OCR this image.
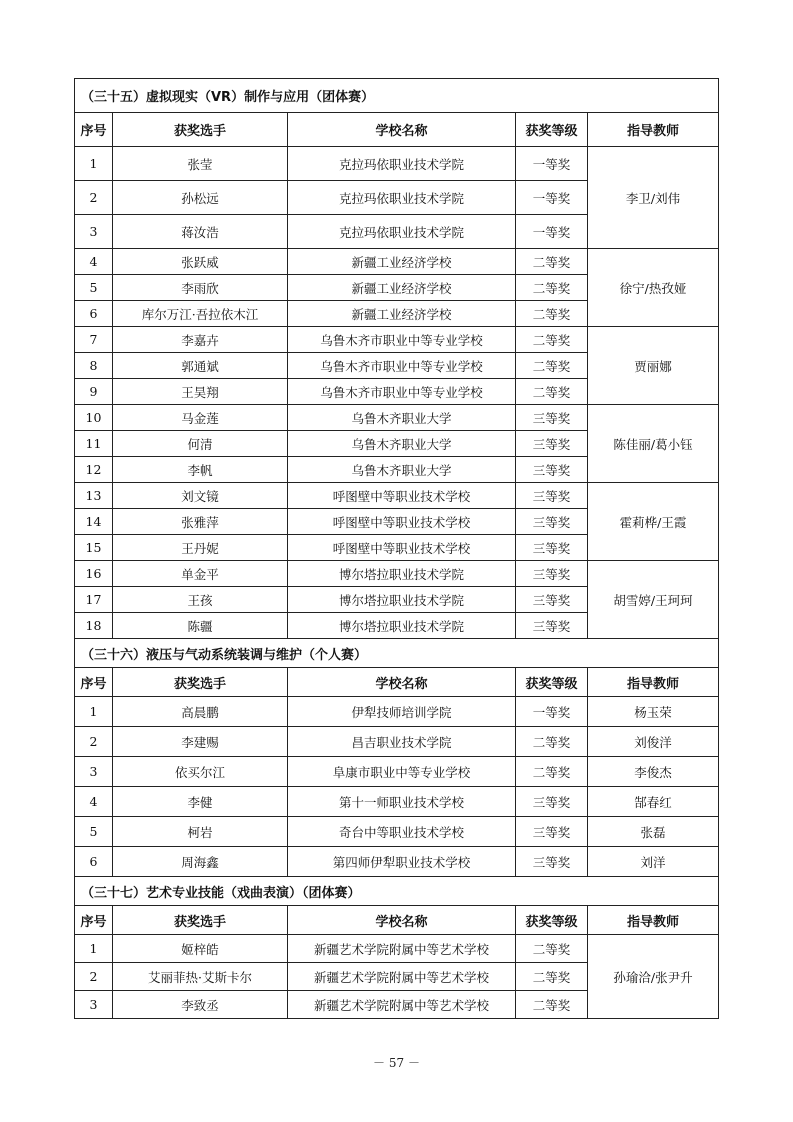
（三十五）虚拟现实（VR）制作与应用（团体赛）				
序号	获奖选手	学校名称	获奖等级	指导教师
1	张莹	克拉玛依职业技术学院	一等奖	李卫/刘伟
2	孙松远	克拉玛依职业技术学院	一等奖	
3	蒋汝浩	克拉玛依职业技术学院	一等奖	
4	张跃威	新疆工业经济学校	二等奖	徐宁/热孜娅
5	李雨欣	新疆工业经济学校	二等奖	
6	库尔万江·吾拉依木江	新疆工业经济学校	二等奖	
7	李嘉卉	乌鲁木齐市职业中等专业学校	二等奖	贾丽娜
8	郭通斌	乌鲁木齐市职业中等专业学校	二等奖	
9	王昊翔	乌鲁木齐市职业中等专业学校	二等奖	
10	马金莲	乌鲁木齐职业大学	三等奖	陈佳丽/葛小钰
11	何清	乌鲁木齐职业大学	三等奖	
12	李帆	乌鲁木齐职业大学	三等奖	
13	刘文镜	呼图壁中等职业技术学校	三等奖	霍莉桦/王霞
14	张雅萍	呼图壁中等职业技术学校	三等奖	
15	王丹妮	呼图壁中等职业技术学校	三等奖	
16	单金平	博尔塔拉职业技术学院	三等奖	胡雪婷/王珂珂
17	王孩	博尔塔拉职业技术学院	三等奖	
18	陈疆	博尔塔拉职业技术学院	三等奖	
（三十六）液压与气动系统装调与维护（个人赛）				
序号	获奖选手	学校名称	获奖等级	指导教师
1	高晨鹏	伊犁技师培训学院	一等奖	杨玉荣
2	李建赐	昌吉职业技术学院	二等奖	刘俊洋
3	依买尔江	阜康市职业中等专业学校	二等奖	李俊杰
4	李健	第十一师职业技术学校	三等奖	郜春红
5	柯岩	奇台中等职业技术学校	三等奖	张磊
6	周海鑫	第四师伊犁职业技术学校	三等奖	刘洋
（三十七）艺术专业技能（戏曲表演）（团体赛）				
序号	获奖选手	学校名称	获奖等级	指导教师
1	姬梓皓	新疆艺术学院附属中等艺术学校	二等奖	孙瑜洽/张尹升
2	艾丽菲热·艾斯卡尔	新疆艺术学院附属中等艺术学校	二等奖	
3	李致丞	新疆艺术学院附属中等艺术学校	二等奖	
－ 57 －
